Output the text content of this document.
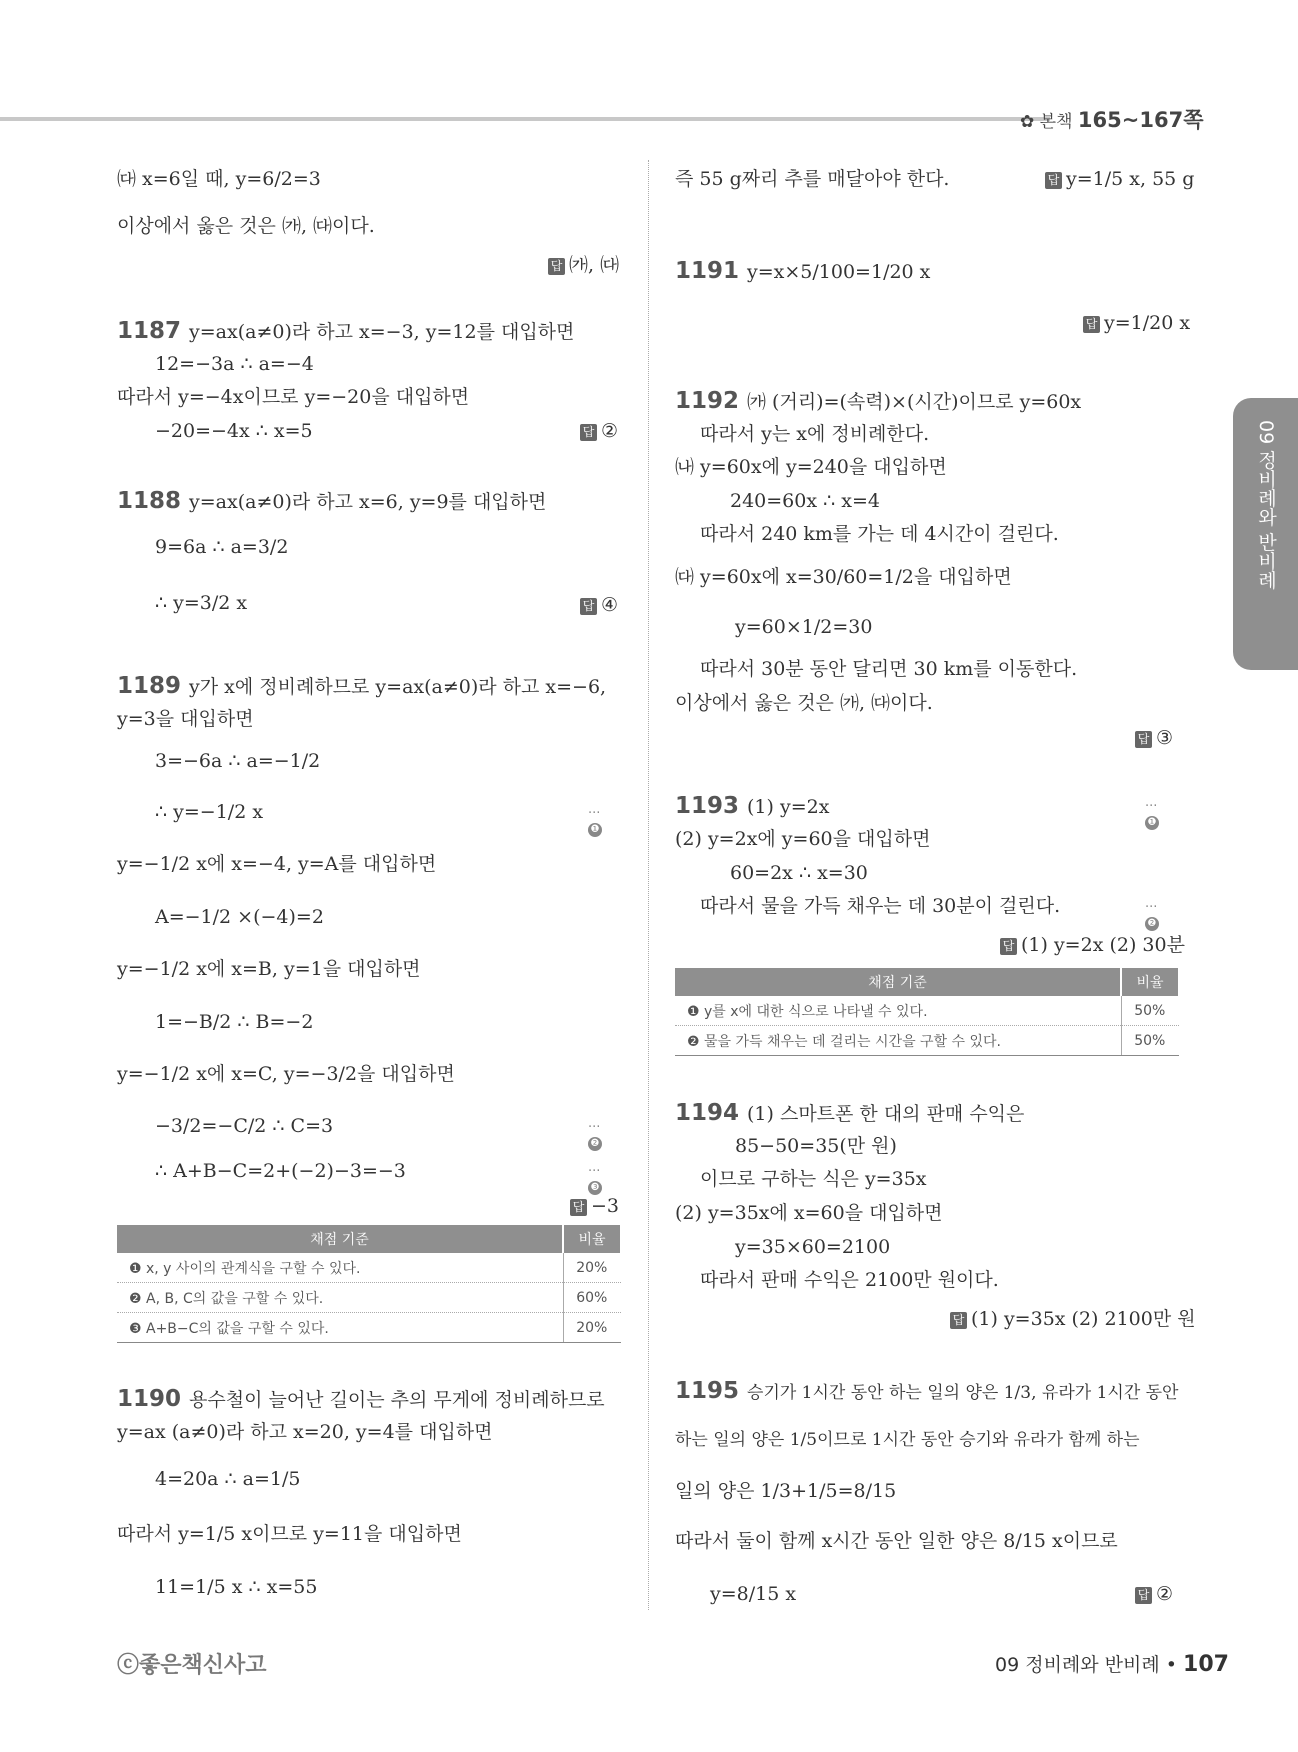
✿ 본책 165~167쪽
09 정비례와 반비례
㈐ x=6일 때, y=6/2=3
이상에서 옳은 것은 ㈎, ㈐이다.
답 ㈎, ㈐
1187 y=ax(a≠0)라 하고 x=−3, y=12를 대입하면
12=−3a ∴ a=−4
따라서 y=−4x이므로 y=−20을 대입하면
−20=−4x ∴ x=5	답 ②
1188 y=ax(a≠0)라 하고 x=6, y=9를 대입하면
9=6a ∴ a=3/2
∴ y=3/2 x	답 ④
1189 y가 x에 정비례하므로 y=ax(a≠0)라 하고 x=−6,
y=3을 대입하면
3=−6a ∴ a=−1/2
∴ y=−1/2 x	··· ❶
y=−1/2 x에 x=−4, y=A를 대입하면
A=−1/2 ×(−4)=2
y=−1/2 x에 x=B, y=1을 대입하면
1=−B/2 ∴ B=−2
y=−1/2 x에 x=C, y=−3/2을 대입하면
−3/2=−C/2 ∴ C=3	··· ❷
∴ A+B−C=2+(−2)−3=−3	··· ❸
답 −3
채점 기준	비율
❶ x, y 사이의 관계식을 구할 수 있다.	20%
❷ A, B, C의 값을 구할 수 있다.	60%
❸ A+B−C의 값을 구할 수 있다.	20%
1190 용수철이 늘어난 길이는 추의 무게에 정비례하므로
y=ax (a≠0)라 하고 x=20, y=4를 대입하면
4=20a ∴ a=1/5
따라서 y=1/5 x이므로 y=11을 대입하면
11=1/5 x ∴ x=55
즉 55 g짜리 추를 매달아야 한다.	답 y=1/5 x, 55 g
1191 y=x×5/100=1/20 x
답 y=1/20 x
1192 ㈎ (거리)=(속력)×(시간)이므로 y=60x
따라서 y는 x에 정비례한다.
㈏ y=60x에 y=240을 대입하면
240=60x ∴ x=4
따라서 240 km를 가는 데 4시간이 걸린다.
㈐ y=60x에 x=30/60=1/2을 대입하면
y=60×1/2=30
따라서 30분 동안 달리면 30 km를 이동한다.
이상에서 옳은 것은 ㈎, ㈐이다.
답 ③
1193 (1) y=2x	··· ❶
(2) y=2x에 y=60을 대입하면
60=2x ∴ x=30
따라서 물을 가득 채우는 데 30분이 걸린다.	··· ❷
답 (1) y=2x (2) 30분
채점 기준	비율
❶ y를 x에 대한 식으로 나타낼 수 있다.	50%
❷ 물을 가득 채우는 데 걸리는 시간을 구할 수 있다.	50%
1194 (1) 스마트폰 한 대의 판매 수익은
85−50=35(만 원)
이므로 구하는 식은 y=35x
(2) y=35x에 x=60을 대입하면
y=35×60=2100
따라서 판매 수익은 2100만 원이다.
답 (1) y=35x (2) 2100만 원
1195 승기가 1시간 동안 하는 일의 양은 1/3, 유라가 1시간 동안
하는 일의 양은 1/5이므로 1시간 동안 승기와 유라가 함께 하는
일의 양은 1/3+1/5=8/15
따라서 둘이 함께 x시간 동안 일한 양은 8/15 x이므로
y=8/15 x	답 ②
ⓒ좋은책신사고	09 정비례와 반비례 • 107
